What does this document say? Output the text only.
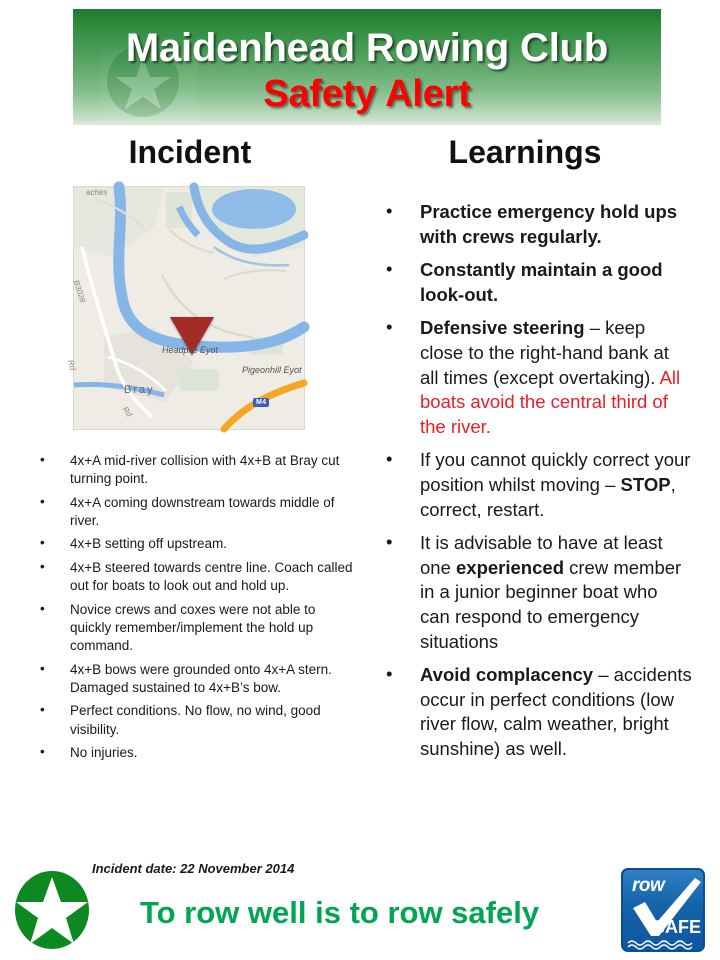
Maidenhead Rowing Club
Safety Alert
Incident	Learnings
Headpile Eyot
Pigeonhill Eyot
Bray
B3028
Rd
Rd
aches
M4
• 4x+A mid-river collision with 4x+B at Bray cut turning point.
• 4x+A coming downstream towards middle of river.
• 4x+B setting off upstream.
• 4x+B steered towards centre line. Coach called out for boats to look out and hold up.
• Novice crews and coxes were not able to quickly remember/implement the hold up command.
• 4x+B bows were grounded onto 4x+A stern. Damaged sustained to 4x+B’s bow.
• Perfect conditions. No flow, no wind, good visibility.
• No injuries.
• Practice emergency hold ups with crews regularly.
• Constantly maintain a good look-out.
• Defensive steering – keep close to the right-hand bank at all times (except overtaking). All boats avoid the central third of the river.
• If you cannot quickly correct your position whilst moving – STOP, correct, restart.
• It is advisable to have at least one experienced crew member in a junior beginner boat who can respond to emergency situations
• Avoid complacency – accidents occur in perfect conditions (low river flow, calm weather, bright sunshine) as well.
Incident date: 22 November 2014
To row well is to row safely
row
SAFE
